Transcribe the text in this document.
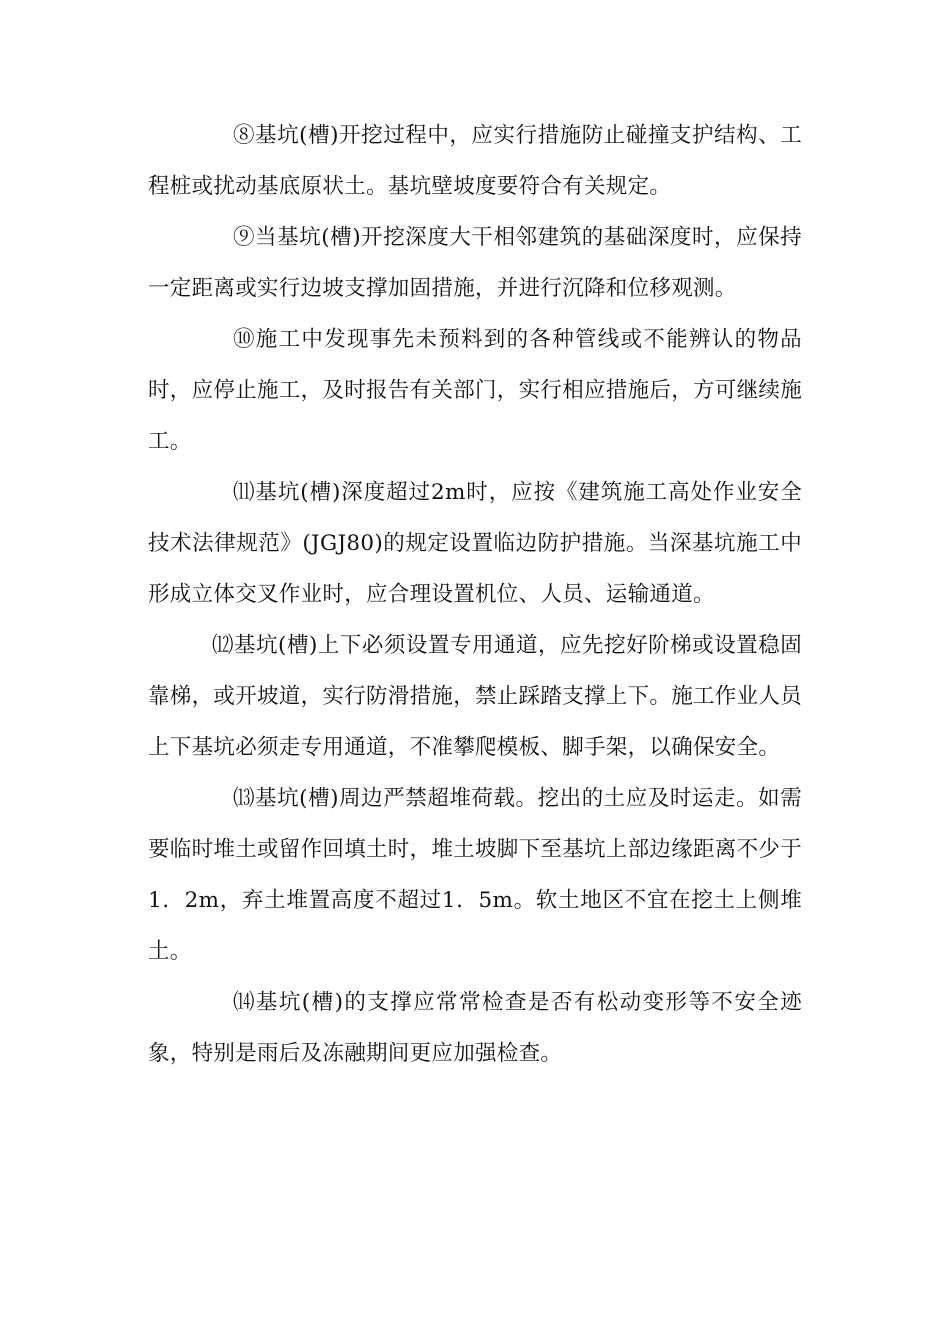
⑧基坑(槽)开挖过程中，应实行措施防止碰撞支护结构、工程桩或扰动基底原状土。基坑壁坡度要符合有关规定。

⑨当基坑(槽)开挖深度大干相邻建筑的基础深度时，应保持一定距离或实行边坡支撑加固措施，并进行沉降和位移观测。

⑩施工中发现事先未预料到的各种管线或不能辨认的物品时，应停止施工，及时报告有关部门，实行相应措施后，方可继续施工。

⑾基坑(槽)深度超过2m时，应按《建筑施工高处作业安全技术法律规范》(JGJ80)的规定设置临边防护措施。当深基坑施工中形成立体交叉作业时，应合理设置机位、人员、运输通道。

⑿基坑(槽)上下必须设置专用通道，应先挖好阶梯或设置稳固靠梯，或开坡道，实行防滑措施，禁止踩踏支撑上下。施工作业人员上下基坑必须走专用通道，不准攀爬模板、脚手架，以确保安全。

⒀基坑(槽)周边严禁超堆荷载。挖出的土应及时运走。如需要临时堆土或留作回填土时，堆土坡脚下至基坑上部边缘距离不少于1．2m，弃土堆置高度不超过1．5m。软土地区不宜在挖土上侧堆土。

⒁基坑(槽)的支撑应常常检查是否有松动变形等不安全迹象，特别是雨后及冻融期间更应加强检查。
